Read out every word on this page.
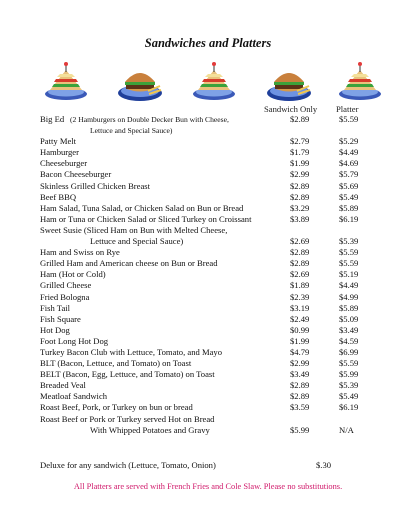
Sandwiches and Platters
Sandwich Only Platter
Big Ed (2 Hamburgers on Double Decker Bun with Cheese,	$2.89	$5.59
Lettuce and Special Sauce)
Patty Melt	$2.79	$5.29
Hamburger	$1.79	$4.49
Cheeseburger	$1.99	$4.69
Bacon Cheeseburger	$2.99	$5.79
Skinless Grilled Chicken Breast	$2.89	$5.69
Beef BBQ	$2.89	$5.49
Ham Salad, Tuna Salad, or Chicken Salad on Bun or Bread	$3.29	$5.89
Ham or Tuna or Chicken Salad or Sliced Turkey on Croissant	$3.89	$6.19
Sweet Susie (Sliced Ham on Bun with Melted Cheese,
Lettuce and Special Sauce)	$2.69	$5.39
Ham and Swiss on Rye	$2.89	$5.59
Grilled Ham and American cheese on Bun or Bread	$2.89	$5.59
Ham (Hot or Cold)	$2.69	$5.19
Grilled Cheese	$1.89	$4.49
Fried Bologna	$2.39	$4.99
Fish Tail	$3.19	$5.89
Fish Square	$2.49	$5.09
Hot Dog	$0.99	$3.49
Foot Long Hot Dog	$1.99	$4.59
Turkey Bacon Club with Lettuce, Tomato, and Mayo	$4.79	$6.99
BLT (Bacon, Lettuce, and Tomato) on Toast	$2.99	$5.59
BELT (Bacon, Egg, Lettuce, and Tomato) on Toast	$3.49	$5.99
Breaded Veal	$2.89	$5.39
Meatloaf Sandwich	$2.89	$5.49
Roast Beef, Pork, or Turkey on bun or bread	$3.59	$6.19
Roast Beef or Pork or Turkey served Hot on Bread
With Whipped Potatoes and Gravy	$5.99	N/A
Deluxe for any sandwich (Lettuce, Tomato, Onion)	$.30
All Platters are served with French Fries and Cole Slaw. Please no substitutions.
